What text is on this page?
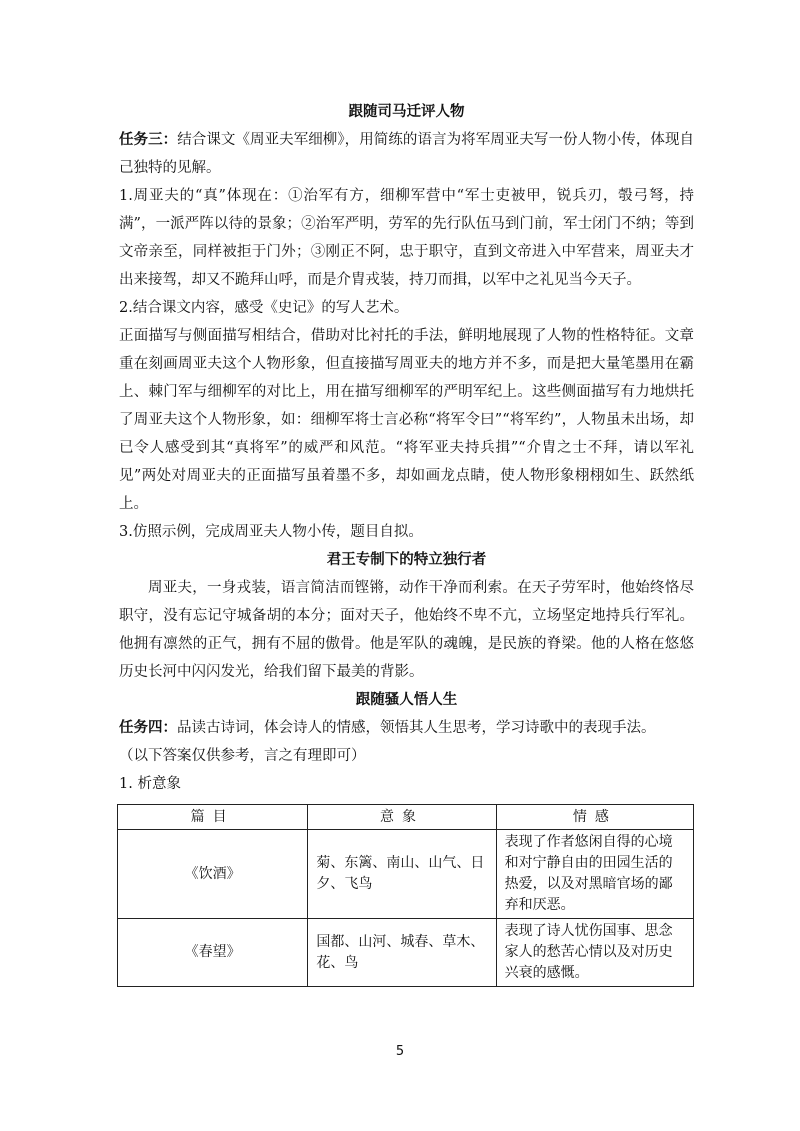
跟随司马迁评人物

任务三：结合课文《周亚夫军细柳》，用简练的语言为将军周亚夫写一份人物小传，体现自己独特的见解。

1.周亚夫的“真”体现在：①治军有方，细柳军营中“军士吏被甲，锐兵刃，彀弓弩，持满”，一派严阵以待的景象；②治军严明，劳军的先行队伍马到门前，军士闭门不纳；等到文帝亲至，同样被拒于门外；③刚正不阿，忠于职守，直到文帝进入中军营来，周亚夫才出来接驾，却又不跪拜山呼，而是介胄戎装，持刀而揖，以军中之礼见当今天子。

2.结合课文内容，感受《史记》的写人艺术。

正面描写与侧面描写相结合，借助对比衬托的手法，鲜明地展现了人物的性格特征。文章重在刻画周亚夫这个人物形象，但直接描写周亚夫的地方并不多，而是把大量笔墨用在霸上、棘门军与细柳军的对比上，用在描写细柳军的严明军纪上。这些侧面描写有力地烘托了周亚夫这个人物形象，如：细柳军将士言必称“将军令曰”“将军约”，人物虽未出场，却已令人感受到其“真将军”的威严和风范。“将军亚夫持兵揖”“介胄之士不拜，请以军礼见”两处对周亚夫的正面描写虽着墨不多，却如画龙点睛，使人物形象栩栩如生、跃然纸上。

3.仿照示例，完成周亚夫人物小传，题目自拟。

君王专制下的特立独行者

周亚夫，一身戎装，语言简洁而铿锵，动作干净而利索。在天子劳军时，他始终恪尽职守，没有忘记守城备胡的本分；面对天子，他始终不卑不亢，立场坚定地持兵行军礼。他拥有凛然的正气，拥有不屈的傲骨。他是军队的魂魄，是民族的脊梁。他的人格在悠悠历史长河中闪闪发光，给我们留下最美的背影。

跟随骚人悟人生

任务四：品读古诗词，体会诗人的情感，领悟其人生思考，学习诗歌中的表现手法。

（以下答案仅供参考，言之有理即可）

1. 析意象

篇目	意象	情感
《饮酒》	菊、东篱、南山、山气、日夕、飞鸟	表现了作者悠闲自得的心境和对宁静自由的田园生活的热爱，以及对黑暗官场的鄙弃和厌恶。
《春望》	国都、山河、城春、草木、花、鸟	表现了诗人忧伤国事、思念家人的愁苦心情以及对历史兴衰的感慨。
5
